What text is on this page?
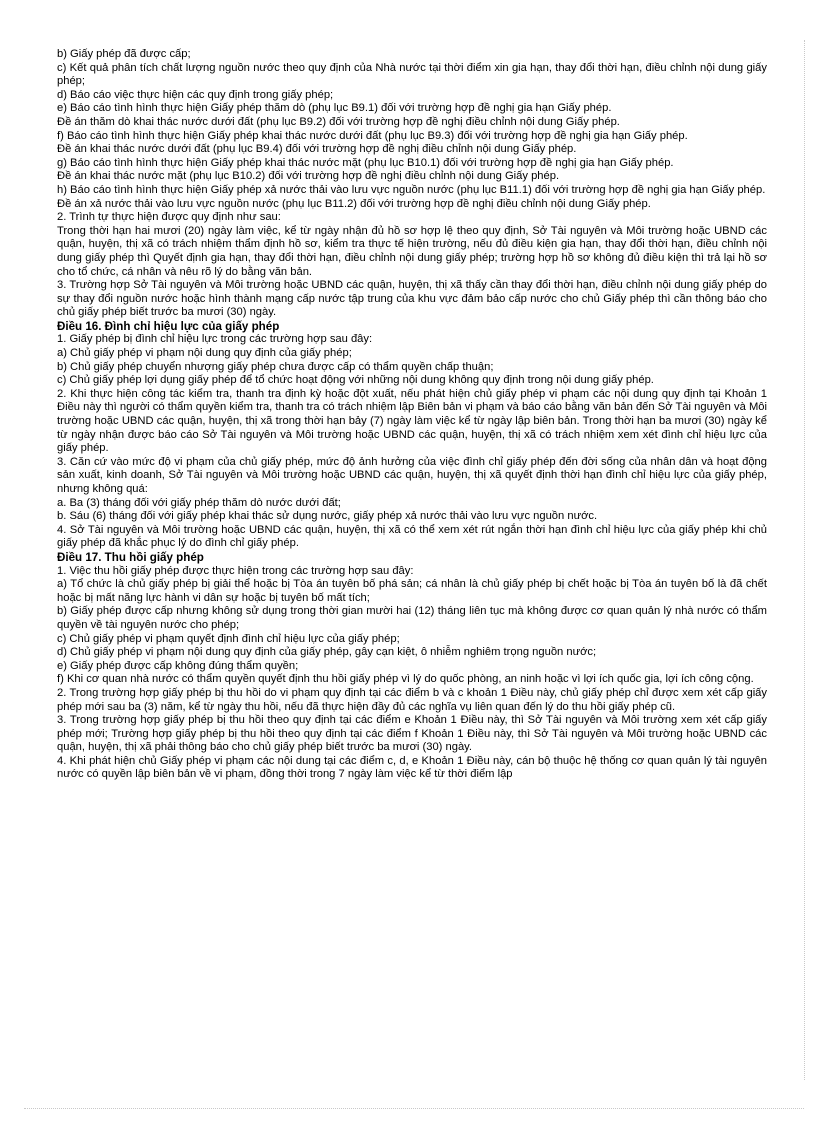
b) Giấy phép đã được cấp;

c) Kết quả phân tích chất lượng nguồn nước theo quy định của Nhà nước tại thời điểm xin gia hạn, thay đổi thời hạn, điều chỉnh nội dung giấy phép;

d) Báo cáo việc thực hiện các quy định trong giấy phép;

e) Báo cáo tình hình thực hiện Giấy phép thăm dò (phụ lục B9.1) đối với trường hợp đề nghị gia hạn Giấy phép.

Đề án thăm dò khai thác nước dưới đất (phụ lục B9.2) đối với trường hợp đề nghị điều chỉnh nội dung Giấy phép.

f) Báo cáo tình hình thực hiện Giấy phép khai thác nước dưới đất (phụ lục B9.3) đối với trường hợp đề nghị gia hạn Giấy phép.

Đề án khai thác nước dưới đất (phụ lục B9.4) đối với trường hợp đề nghị điều chỉnh nội dung Giấy phép.

g) Báo cáo tình hình thực hiện Giấy phép khai thác nước mặt (phụ lục B10.1) đối với trường hợp đề nghị gia hạn Giấy phép.

Đề án khai thác nước mặt (phụ lục B10.2) đối với trường hợp đề nghị điều chỉnh nội dung Giấy phép.

h) Báo cáo tình hình thực hiện Giấy phép xả nước thải vào lưu vực nguồn nước (phụ lục B11.1) đối với trường hợp đề nghị gia hạn Giấy phép.

Đề án xả nước thải vào lưu vực nguồn nước (phụ lục B11.2) đối với trường hợp đề nghị điều chỉnh nội dung Giấy phép.

2. Trình tự thực hiện được quy định như sau:

Trong thời hạn hai mươi (20) ngày làm việc, kể từ ngày nhận đủ hồ sơ hợp lệ theo quy định, Sở Tài nguyên và Môi trường hoặc UBND các quận, huyện, thị xã có trách nhiệm thẩm định hồ sơ, kiểm tra thực tế hiện trường, nếu đủ điều kiện gia hạn, thay đổi thời hạn, điều chỉnh nội dung giấy phép thì Quyết định gia hạn, thay đổi thời hạn, điều chỉnh nội dung giấy phép; trường hợp hồ sơ không đủ điều kiện thì trả lại hồ sơ cho tổ chức, cá nhân và nêu rõ lý do bằng văn bản.

3. Trường hợp Sở Tài nguyên và Môi trường hoặc UBND các quận, huyện, thị xã thấy cần thay đổi thời hạn, điều chỉnh nội dung giấy phép do sự thay đổi nguồn nước hoặc hình thành mạng cấp nước tập trung của khu vực đảm bảo cấp nước cho chủ Giấy phép thì cần thông báo cho chủ giấy phép biết trước ba mươi (30) ngày.

Điều 16. Đình chỉ hiệu lực của giấy phép

1. Giấy phép bị đình chỉ hiệu lực trong các trường hợp sau đây:

a) Chủ giấy phép vi phạm nội dung quy định của giấy phép;

b) Chủ giấy phép chuyển nhượng giấy phép chưa được cấp có thẩm quyền chấp thuận;

c) Chủ giấy phép lợi dụng giấy phép để tổ chức hoạt động với những nội dung không quy định trong nội dung giấy phép.

2. Khi thực hiện công tác kiểm tra, thanh tra định kỳ hoặc đột xuất, nếu phát hiện chủ giấy phép vi phạm các nội dung quy định tại Khoản 1 Điều này thì người có thẩm quyền kiểm tra, thanh tra có trách nhiệm lập Biên bản vi phạm và báo cáo bằng văn bản đến Sở Tài nguyên và Môi trường hoặc UBND các quận, huyện, thị xã trong thời hạn bảy (7) ngày làm việc kể từ ngày lập biên bản. Trong thời hạn ba mươi (30) ngày kể từ ngày nhận được báo cáo Sở Tài nguyên và Môi trường hoặc UBND các quận, huyện, thị xã có trách nhiệm xem xét đình chỉ hiệu lực của giấy phép.

3. Căn cứ vào mức độ vi phạm của chủ giấy phép, mức độ ảnh hưởng của việc đình chỉ giấy phép đến đời sống của nhân dân và hoạt động sản xuất, kinh doanh, Sở Tài nguyên và Môi trường hoặc UBND các quận, huyện, thị xã quyết định thời hạn đình chỉ hiệu lực của giấy phép, nhưng không quá:

a. Ba (3) tháng đối với giấy phép thăm dò nước dưới đất;

b. Sáu (6) tháng đối với giấy phép khai thác sử dụng nước, giấy phép xả nước thải vào lưu vực nguồn nước.

4. Sở Tài nguyên và Môi trường hoặc UBND các quận, huyện, thị xã có thể xem xét rút ngắn thời hạn đình chỉ hiệu lực của giấy phép khi chủ giấy phép đã khắc phục lý do đình chỉ giấy phép.

Điều 17. Thu hồi giấy phép

1. Việc thu hồi giấy phép được thực hiện trong các trường hợp sau đây:

a) Tổ chức là chủ giấy phép bị giải thể hoặc bị Tòa án tuyên bố phá sản; cá nhân là chủ giấy phép bị chết hoặc bị Tòa án tuyên bố là đã chết hoặc bị mất năng lực hành vi dân sự hoặc bị tuyên bố mất tích;

b) Giấy phép được cấp nhưng không sử dụng trong thời gian mười hai (12) tháng liên tục mà không được cơ quan quản lý nhà nước có thẩm quyền về tài nguyên nước cho phép;

c) Chủ giấy phép vi phạm quyết định đình chỉ hiệu lực của giấy phép;

d) Chủ giấy phép vi phạm nội dung quy định của giấy phép, gây cạn kiệt, ô nhiễm nghiêm trọng nguồn nước;

e) Giấy phép được cấp không đúng thẩm quyền;

f) Khi cơ quan nhà nước có thẩm quyền quyết định thu hồi giấy phép vì lý do quốc phòng, an ninh hoặc vì lợi ích quốc gia, lợi ích công cộng.

2. Trong trường hợp giấy phép bị thu hồi do vi phạm quy định tại các điểm b và c khoản 1 Điều này, chủ giấy phép chỉ được xem xét cấp giấy phép mới sau ba (3) năm, kể từ ngày thu hồi, nếu đã thực hiện đầy đủ các nghĩa vụ liên quan đến lý do thu hồi giấy phép cũ.

3. Trong trường hợp giấy phép bị thu hồi theo quy định tại các điểm e Khoản 1 Điều này, thì Sở Tài nguyên và Môi trường xem xét cấp giấy phép mới; Trường hợp giấy phép bị thu hồi theo quy định tại các điểm f Khoản 1 Điều này, thì Sở Tài nguyên và Môi trường hoặc UBND các quận, huyện, thị xã phải thông báo cho chủ giấy phép biết trước ba mươi (30) ngày.

4. Khi phát hiện chủ Giấy phép vi phạm các nội dung tại các điểm c, d, e Khoản 1 Điều này, cán bộ thuộc hệ thống cơ quan quản lý tài nguyên nước có quyền lập biên bản về vi phạm, đồng thời trong 7 ngày làm việc kể từ thời điểm lập
